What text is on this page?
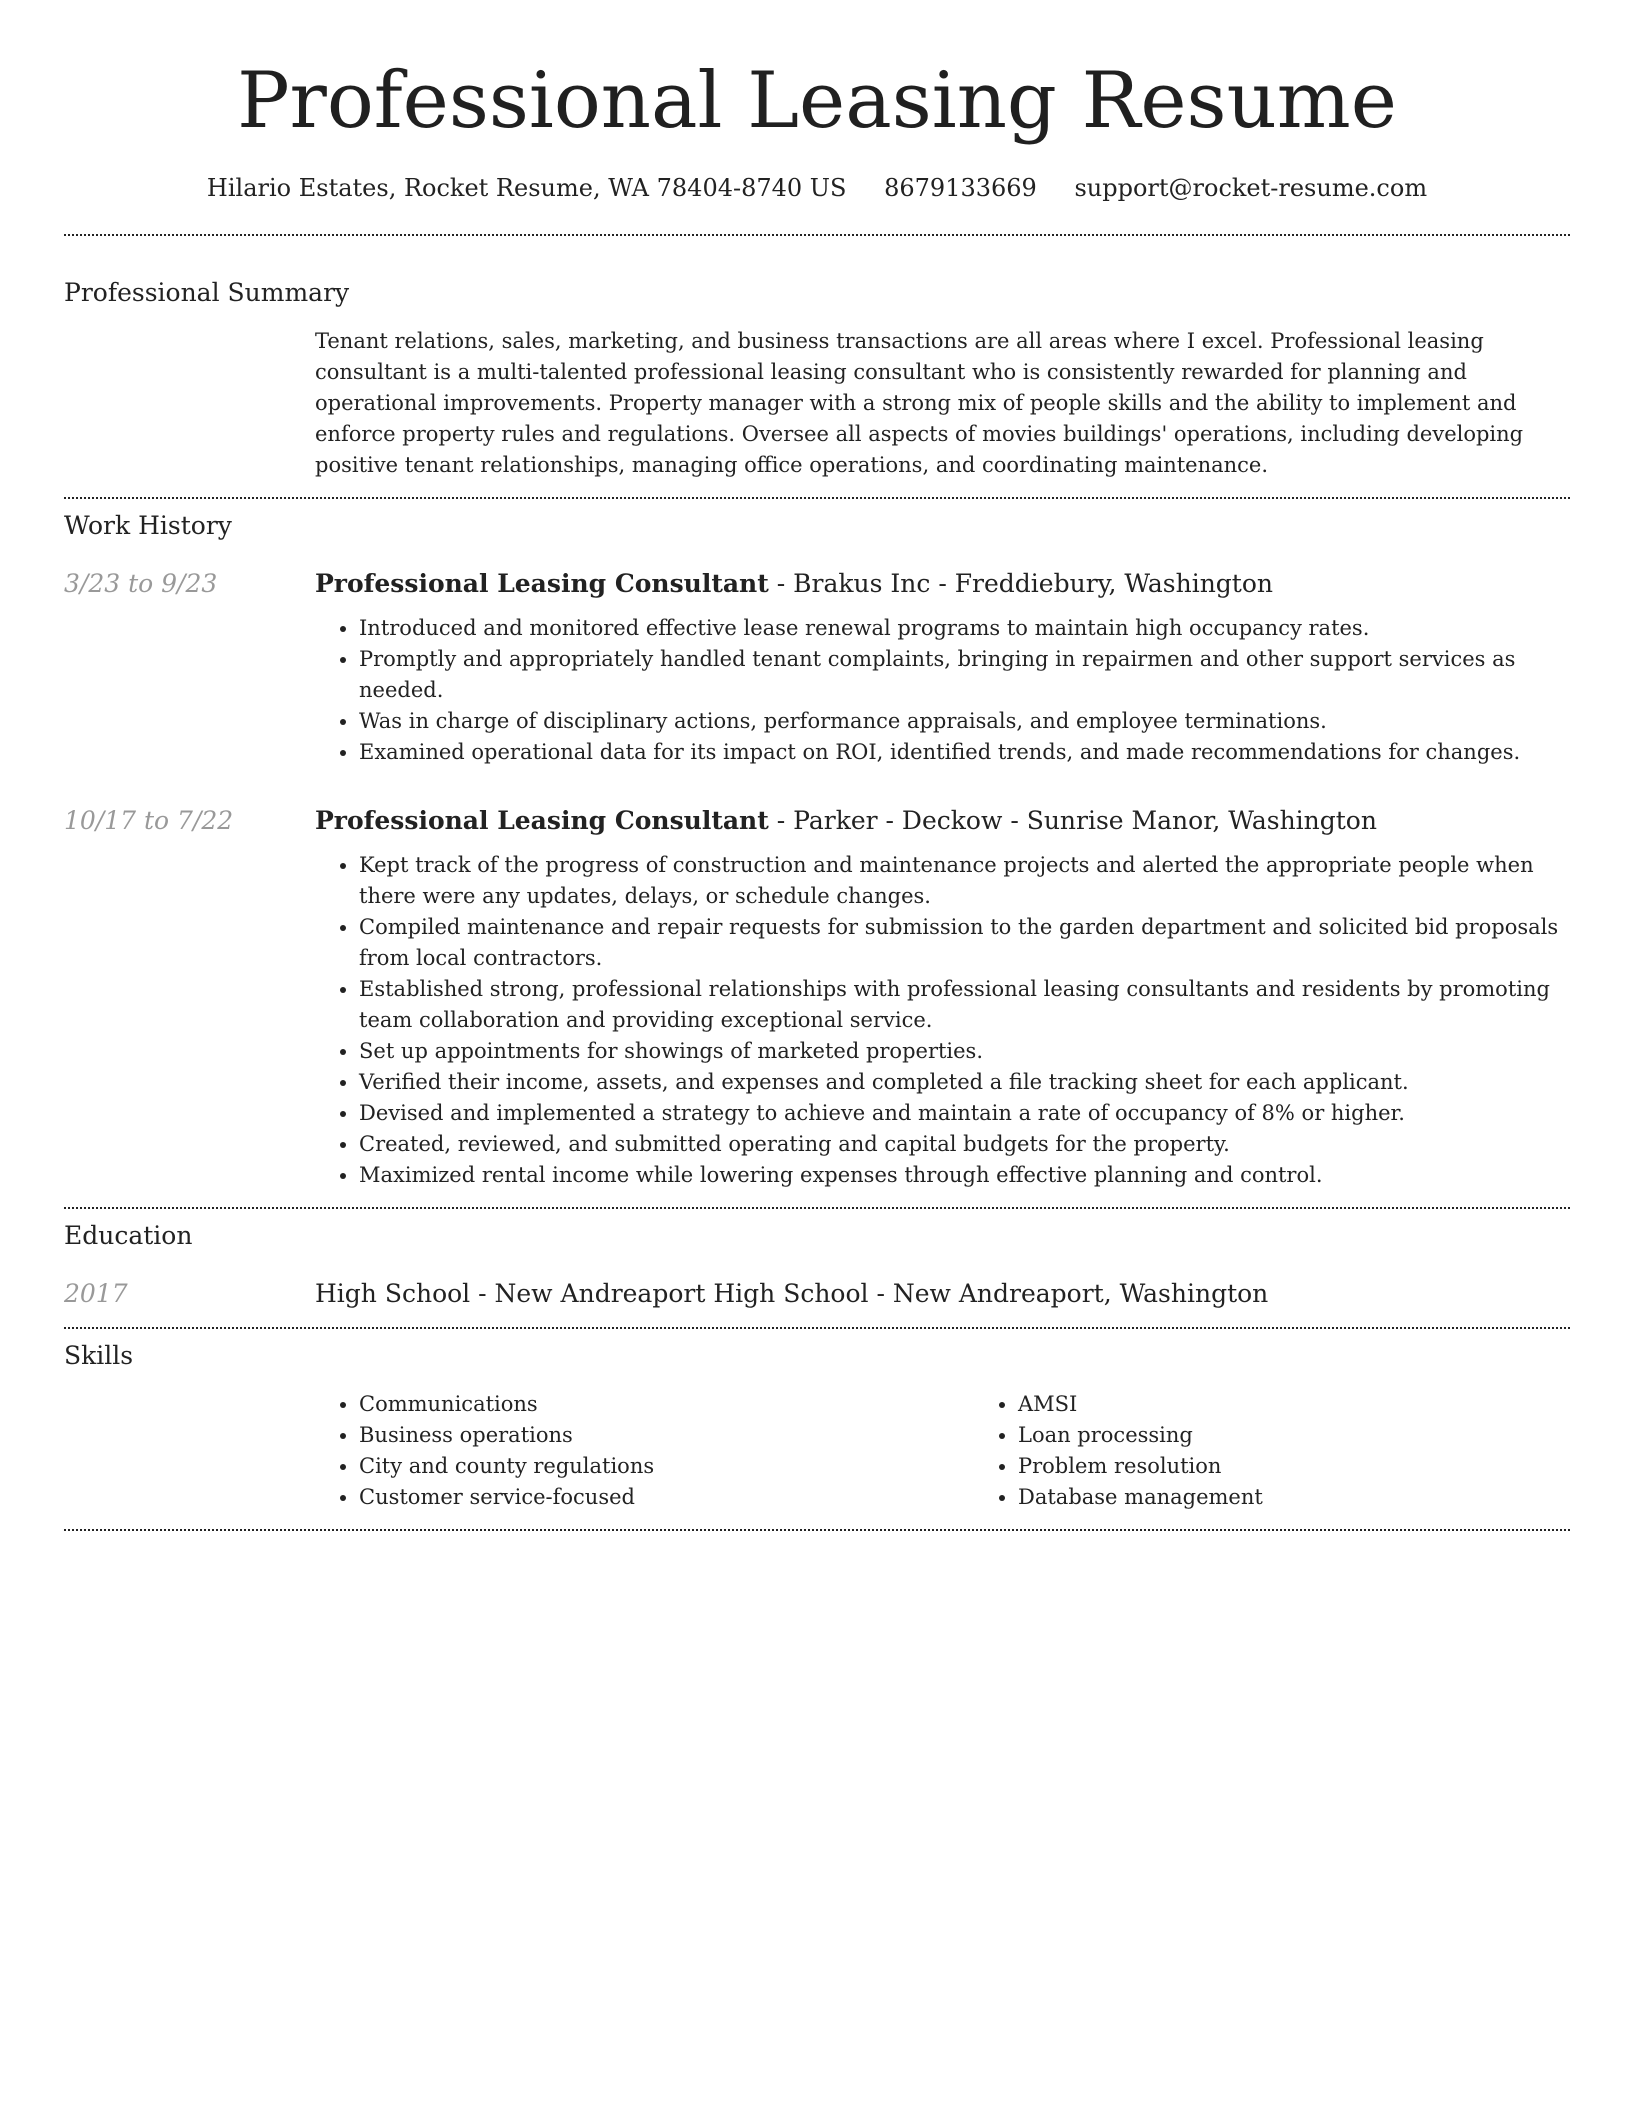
Professional Leasing Resume
Hilario Estates, Rocket Resume, WA 78404-8740 US 8679133669 support@rocket-resume.com
Professional Summary

Tenant relations, sales, marketing, and business transactions are all areas where I excel. Professional leasing consultant is a multi-talented professional leasing consultant who is consistently rewarded for planning and operational improvements. Property manager with a strong mix of people skills and the ability to implement and enforce property rules and regulations. Oversee all aspects of movies buildings' operations, including developing positive tenant relationships, managing office operations, and coordinating maintenance.

Work History
3/23 to 9/23	Professional Leasing Consultant - Brakus Inc - Freddiebury, Washington
• Introduced and monitored effective lease renewal programs to maintain high occupancy rates.
• Promptly and appropriately handled tenant complaints, bringing in repairmen and other support services as needed.
• Was in charge of disciplinary actions, performance appraisals, and employee terminations.
• Examined operational data for its impact on ROI, identified trends, and made recommendations for changes.
10/17 to 7/22	Professional Leasing Consultant - Parker - Deckow - Sunrise Manor, Washington
• Kept track of the progress of construction and maintenance projects and alerted the appropriate people when there were any updates, delays, or schedule changes.
• Compiled maintenance and repair requests for submission to the garden department and solicited bid proposals from local contractors.
• Established strong, professional relationships with professional leasing consultants and residents by promoting team collaboration and providing exceptional service.
• Set up appointments for showings of marketed properties.
• Verified their income, assets, and expenses and completed a file tracking sheet for each applicant.
• Devised and implemented a strategy to achieve and maintain a rate of occupancy of 8% or higher.
• Created, reviewed, and submitted operating and capital budgets for the property.
• Maximized rental income while lowering expenses through effective planning and control.
Education
2017	High School - New Andreaport High School - New Andreaport, Washington
Skills
• Communications
• Business operations
• City and county regulations
• Customer service-focused
• AMSI
• Loan processing
• Problem resolution
• Database management
